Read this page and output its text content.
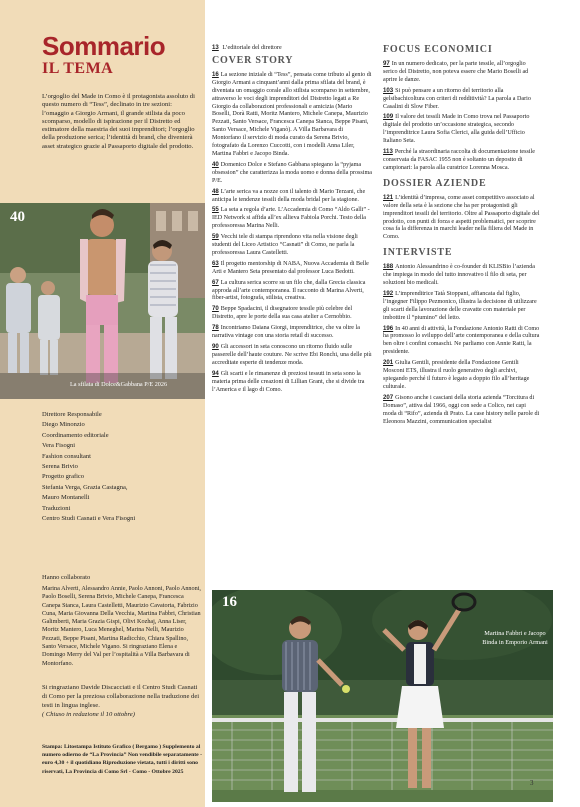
Sommario
IL TEMA
L’orgoglio del Made in Como è il protagonista assoluto di questo numero di “Tess”, declinato in tre sezioni: l’omaggio a Giorgio Armani, il grande stilista da poco scomparso, modello di ispirazione per il Distretto ed estimatore della maestria dei suoi imprenditori; l’orgoglio della produzione serica; l’identità di brand, che diventerà asset strategico grazie al Passaporto digitale del prodotto.
40
La sfilata di Dolce&Gabbana P/E 2026
Direttore Responsabile
Diego Minonzio
Coordinamento editoriale
Vera Fisogni
Fashion consultant
Serena Brivio
Progetto grafico
Stefania Verga, Grazia Castagna,
Mauro Montanelli
Traduzioni
Centro Studi Casnati e Vera Fisogni
Hanno collaborato
Marina Alverti, Alessandro Annie, Paolo Annoni, Paolo Annoni, Paolo Boselli, Serena Brivio, Michele Canepa, Francesca Canepa Stanca, Laura Castelletti, Maurizio Cavatorta, Fabrizio Cuna, Maria Giovanna Della Vecchia, Martina Fabbri, Christian Galimberti, Maria Grazia Gispi, Olivi Kozhaj, Anna Liser, Moritz Mantero, Luca Meneghel, Marina Nelli, Maurizio Pezzati, Beppe Pisani, Martina Radicchio, Chiara Spallino, Santo Versace, Michele Vigano. Si ringraziano Elena e Domingo Merry del Val per l’ospitalità a Villa Barbavara di Montorfano.
Si ringraziano Davide Discacciati e il Centro Studi Casnati di Como per la preziosa collaborazione nella traduzione dei testi in lingua inglese.
( Chiuso in redazione il 10 ottobre)
Stampa: Litostampa Istituto Grafico ( Bergamo ) Supplemento al numero odierno de “La Provincia” Non vendibile separatamente - euro 4,30 + il quotidiano Riproduzione vietata, tutti i diritti sono riservati, La Provincia di Como Srl - Como - Ottobre 2025

13 L’editoriale del direttore

COVER STORY

16 La sezione iniziale di “Tess”, pensata come tributo al genio di Giorgio Armani a cinquant’anni dalla prima sfilata del brand, è diventata un omaggio corale allo stilista scomparso in settembre, attraverso le voci degli imprenditori del Distretto legati a Re Giorgio da collaborazioni professionali e amicizia (Mario Boselli, Dorà Ratti, Moritz Mantero, Michele Canepa, Maurizio Pezzati, Santo Versace, Francesca Canepa Stanca, Beppe Pisani, Santo Versace, Michele Viganò). A Villa Barbavara di Montorfano il servizio di moda curato da Serena Brivio, fotografato da Lorenzo Cuccotti, con i modelli Anna Liler, Martina Fabbri e Jacopo Binda.

40 Domenico Dolce e Stefano Gabbana spiegano la “pyjama obsession” che caratterizza la moda uomo e donna della prossima P/E.

48 L’arte serica va a nozze con il talento di Mario Terzani, che anticipa le tendenze tessili della moda bridal per la stagione.

55 La seta a regola d’arte. L’Accademia di Como “Aldo Galli” - IED Network si affida all’ex allieva Fabiola Porchi. Testo della professoressa Marina Nelli.

59 Vecchi tele di stampa riprendono vita nella visione degli studenti del Liceo Artistico “Casnati” di Como, ne parla la professoressa Laura Castelletti.

63 Il progetto mentorship di NABA, Nuova Accademia di Belle Arti e Mantero Seta presentato dal professor Luca Bedotti.

67 La cultura serica scorre su un filo che, dalla Grecia classica approda all’arte contemporanea. Il racconto di Marina Alverti, fiber-artist, fotografa, stilista, creativa.

70 Beppe Spadacini, il disegnatore tessile più celebre del Distretto, apre le porte della sua casa atelier a Cernobbio.

78 Incontriamo Daiana Giorgi, imprenditrice, che va oltre la narrativa vintage con una storia retail di successo.

90 Gli accessori in seta conoscono un ritorno fluido sulle passerelle dell’haute couture. Ne scrive Ebi Ronchi, una delle più accreditate esperte di tendenze moda.

94 Gli scarti e le rimanenze di preziosi tessuti in seta sono la materia prima delle creazioni di Lillian Grant, che si divide tra l’America e il lago di Como.

FOCUS ECONOMICI

97 In un numero dedicato, per la parte tessile, all’orgoglio serico del Distretto, non poteva essere che Mario Boselli ad aprire le danze.

103 Si può pensare a un ritorno del territorio alla gelsibachicoltura con criteri di redditività? La parola a Dario Casalini di Slow Fiber.

109 Il valore dei tessili Made in Como trova nel Passaporto digitale del prodotto un’occasione strategica, secondo l’imprenditrice Laura Sofia Clerici, alla guida dell’Ufficio Italiano Seta.

113 Perché la straordinaria raccolta di documentazione tessile conservata da FASAC 1955 non è soltanto un deposito di campionari: la parola alla curatrice Lorenna Mosca.

DOSSIER AZIENDE

121 L’identità d’impresa, come asset competitivo associato al valore della seta è la sezione che ha per protagonisti gli imprenditori tessili del territorio. Oltre al Passaporto digitale del prodotto, con punti di forza e aspetti problematici, per scoprire cosa fa la differenza in marchi leader nella filiera del Made in Como.

INTERVISTE

188 Antonio Alessandrino è co-founder di KLISBio l’azienda che impiega in modo del tutto innovativo il filo di seta, per soluzioni bio medicali.

192 L’imprenditrice Tatà Stoppani, affiancata dal figlio, l’ingegner Filippo Pezmonico, illustra la decisione di utilizzare gli scarti della lavorazione delle cravatte con materiale per imbottire il “piumino” del letto.

196 In 40 anni di attività, la Fondazione Antonio Ratti di Como ha promosso lo sviluppo dell’arte contemporanea e della cultura ben oltre i confini comaschi. Ne parliamo con Annie Ratti, la presidente.

201 Giulia Gentili, presidente della Fondazione Gentili Mosconi ETS, illustra il ruolo generativo degli archivi, spiegando perché il futuro è legato a doppio filo all’heritage culturale.

207 Gisono anche i casciani della storia azienda “Torcitura di Domaso”, attiva dal 1966, oggi con sede a Colico, nei capi moda di “Rifo”, azienda di Prato. La case history nelle parole di Eleonora Mazzini, communication specialist

16
Martina Fabbri e Jacopo Binda in Emporio Armani
3
